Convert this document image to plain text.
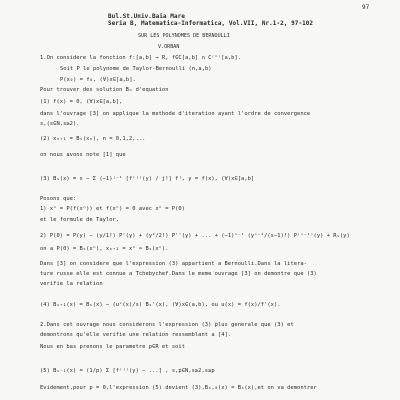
97
Bul.St.Univ.Baia Mare
Seria B, Matematica-Informatica, Vol.VII, Nr.1-2, 97-102
SUR LES POLYNOMES DE BERNOULLI
V.ORBAN
1.On considere la fonction f:[a,b] → R, f∈C[a,b] ∩ C⁽ⁿ⁾[a,b].
Soit P le polynome de Taylor-Bernoulli (n,a,b)
P(x₀) = f₀, (∀)x∈[a,b].
Pour trouver des solution Bₙ d'equation
(1) f(x) = 0, (∀)x∈[a,b],
dans l'ouvrage [3] on applique la methode d'iteration ayant l'ordre de convergence
s,(s∈N,s≥2).
(2) xₙ₊₁ = Bₛ(xₙ), n = 0,1,2,...
on nous avons note [1] que
(3) Bₛ(x) = x − Σ (−1)ʲ⁻¹ [f⁽ʲ⁾(y) / j!] fʲ, y = f(x), (∀)x∈[a,b]
Posons que:
1) xⁿ = P(f(xⁿ)) et f(xⁿ) = 0 avec xⁿ = P(0)
et le formule de Taylor,
2) P(0) = P(y) − (y/1!) P'(y) + (y²/2!) P''(y) + ... + (−1)ˢ⁻¹ (yˢ⁻¹/(s−1)!) P⁽ˢ⁻¹⁾(y) + Rₛ(y)
on a P(0) = Bₛ(xⁿ), xₙ₊₁ = xⁿ ≈ Bₛ(xⁿ).
Dans [3] on considere que l'expression (3) appartient a Bernoulli.Dans la litera-
ture russe elle est connue a Tchebychef.Dans le meme ouvrage [3] on demontre que (3)
verifie la relation
(4) Bₛ₊₁(x) = Bₛ(x) − (uˢ(x)/s) Bₛ'(x), (∀)x∈(a,b), ou u(x) = f(x)/f'(x).
2.Dans cet ouvrage nous considerons l'expression (3) plus generale que (3) et
demontrons qu'elle verifie une relation ressemblant a [4].
Nous en bas prenons le parametre p∈R et soit
(5) Bₛ₋₁(x) = (1/p) Σ [f⁽ʲ⁾(y) − ...] , s,p∈N,s≥2,s≥p
Evidement,pour p = 0,l'expression (5) devient (3),Bₛ,₀(x) = Bₛ(x),et on va demontrer
